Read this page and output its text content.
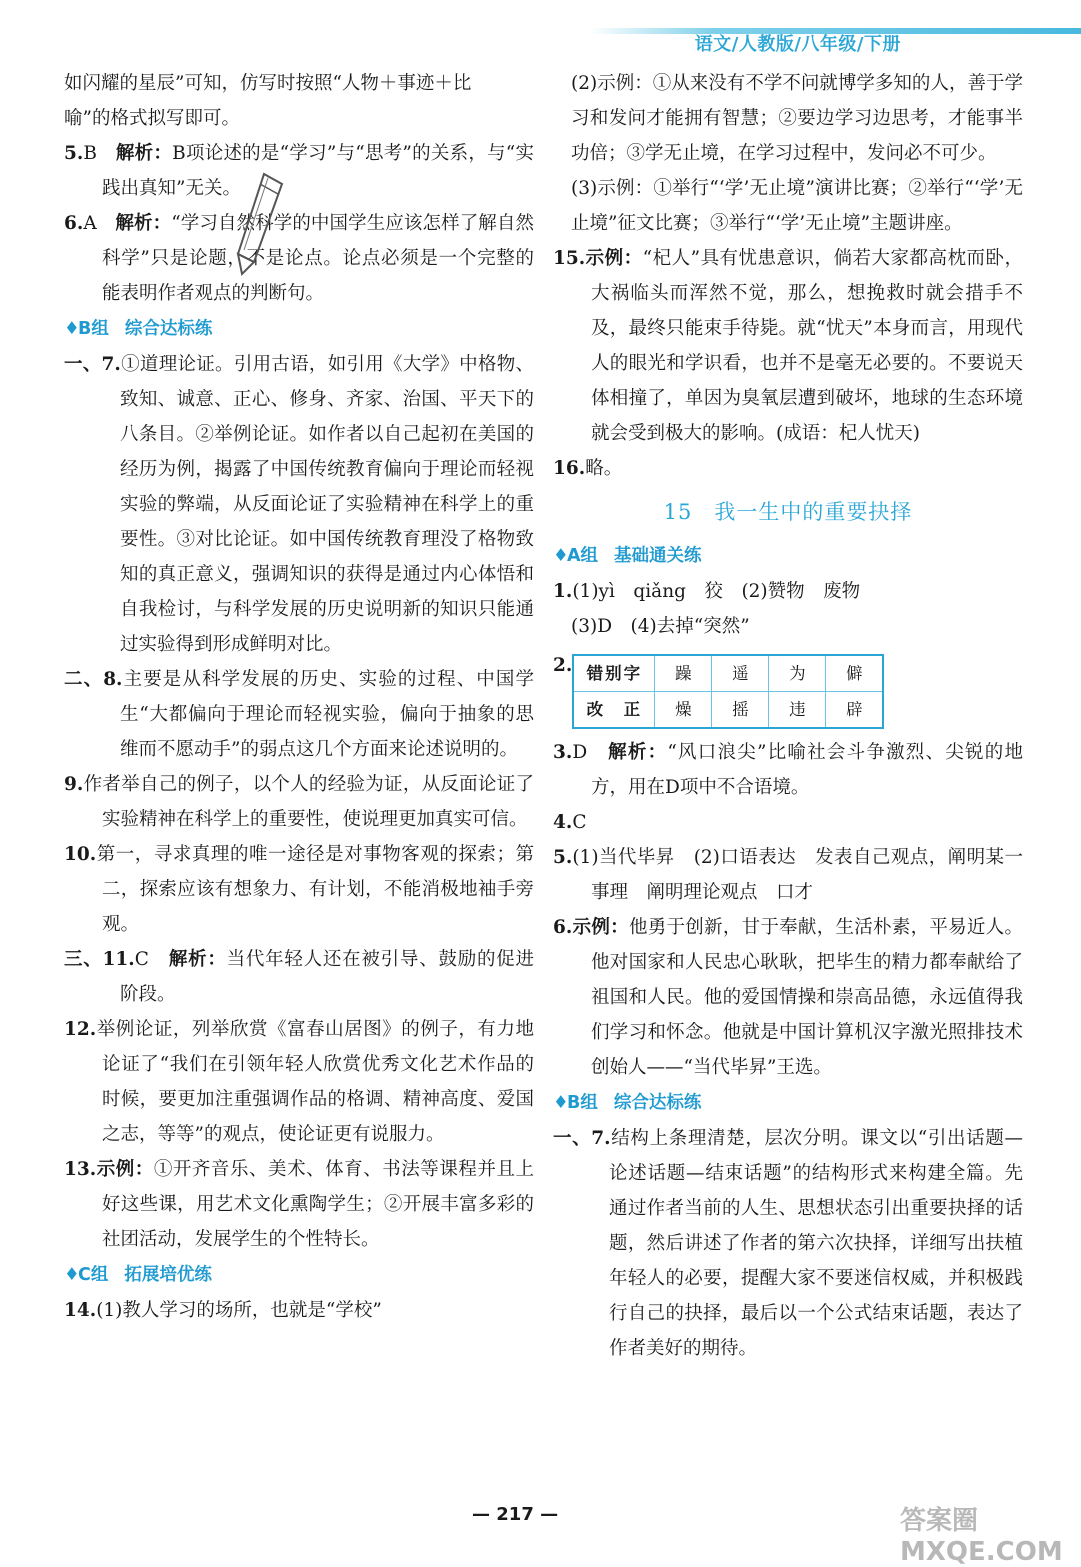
语文/人教版/八年级/下册

如闪耀的星辰”可知，仿写时按照“人物＋事迹＋比

喻”的格式拟写即可。

5.B　 解析：B项论述的是“学习”与“思考”的关系，与“实践出真知”无关。

6.A　 解析：“学习自然科学的中国学生应该怎样了解自然科学”只是论题，不是论点。论点必须是一个完整的能表明作者观点的判断句。

♦B组 综合达标练

一、7.①道理论证。引用古语，如引用《大学》中格物、致知、诚意、正心、修身、齐家、治国、平天下的八条目。②举例论证。如作者以自己起初在美国的经历为例，揭露了中国传统教育偏向于理论而轻视实验的弊端，从反面论证了实验精神在科学上的重要性。③对比论证。如中国传统教育理没了格物致知的真正意义，强调知识的获得是通过内心体悟和自我检讨，与科学发展的历史说明新的知识只能通过实验得到形成鲜明对比。

二、8.主要是从科学发展的历史、实验的过程、中国学生“大都偏向于理论而轻视实验，偏向于抽象的思维而不愿动手”的弱点这几个方面来论述说明的。

9.作者举自己的例子，以个人的经验为证，从反面论证了实验精神在科学上的重要性，使说理更加真实可信。

10.第一，寻求真理的唯一途径是对事物客观的探索；第二，探索应该有想象力、有计划，不能消极地袖手旁观。

三、11.C　 解析：当代年轻人还在被引导、鼓励的促进阶段。

12.举例论证，列举欣赏《富春山居图》的例子，有力地论证了“我们在引领年轻人欣赏优秀文化艺术作品的时候，要更加注重强调作品的格调、精神高度、爱国之志，等等”的观点，使论证更有说服力。

13.示例：①开齐音乐、美术、体育、书法等课程并且上好这些课，用艺术文化熏陶学生；②开展丰富多彩的社团活动，发展学生的个性特长。

♦C组 拓展培优练

14.(1)教人学习的场所，也就是“学校”

(2)示例：①从来没有不学不问就博学多知的人，善于学习和发问才能拥有智慧；②要边学习边思考，才能事半功倍；③学无止境，在学习过程中，发问必不可少。

(3)示例：①举行“‘学’无止境”演讲比赛；②举行“‘学’无止境”征文比赛；③举行“‘学’无止境”主题讲座。

15.示例：“杞人”具有忧患意识，倘若大家都高枕而卧，大祸临头而浑然不觉，那么，想挽救时就会措手不及，最终只能束手待毙。就“忧天”本身而言，用现代人的眼光和学识看，也并不是毫无必要的。不要说天体相撞了，单因为臭氧层遭到破坏，地球的生态环境就会受到极大的影响。(成语：杞人忧天)

16.略。

15　我一生中的重要抉择

♦A组 基础通关练

1.(1)yì　qiǎng　狡　(2)赞物　废物

(3)D　(4)去掉“突然”

2. 错别字	躁	遥	为	僻
改　正	燥	摇	违	辟

3.D　 解析：“风口浪尖”比喻社会斗争激烈、尖锐的地方，用在D项中不合语境。

4.C

5.(1)当代毕昇　(2)口语表达　发表自己观点，阐明某一事理　阐明理论观点　口才

6.示例：他勇于创新，甘于奉献，生活朴素，平易近人。他对国家和人民忠心耿耿，把毕生的精力都奉献给了祖国和人民。他的爱国情操和崇高品德，永远值得我们学习和怀念。他就是中国计算机汉字激光照排技术创始人——“当代毕昇”王选。

♦B组 综合达标练

一、7.结构上条理清楚，层次分明。课文以“引出话题—论述话题—结束话题”的结构形式来构建全篇。先通过作者当前的人生、思想状态引出重要抉择的话题，然后讲述了作者的第六次抉择，详细写出扶植年轻人的必要，提醒大家不要迷信权威，并积极践行自己的抉择，最后以一个公式结束话题，表达了作者美好的期待。

— 217 —	答案圈 MXQE.COM
